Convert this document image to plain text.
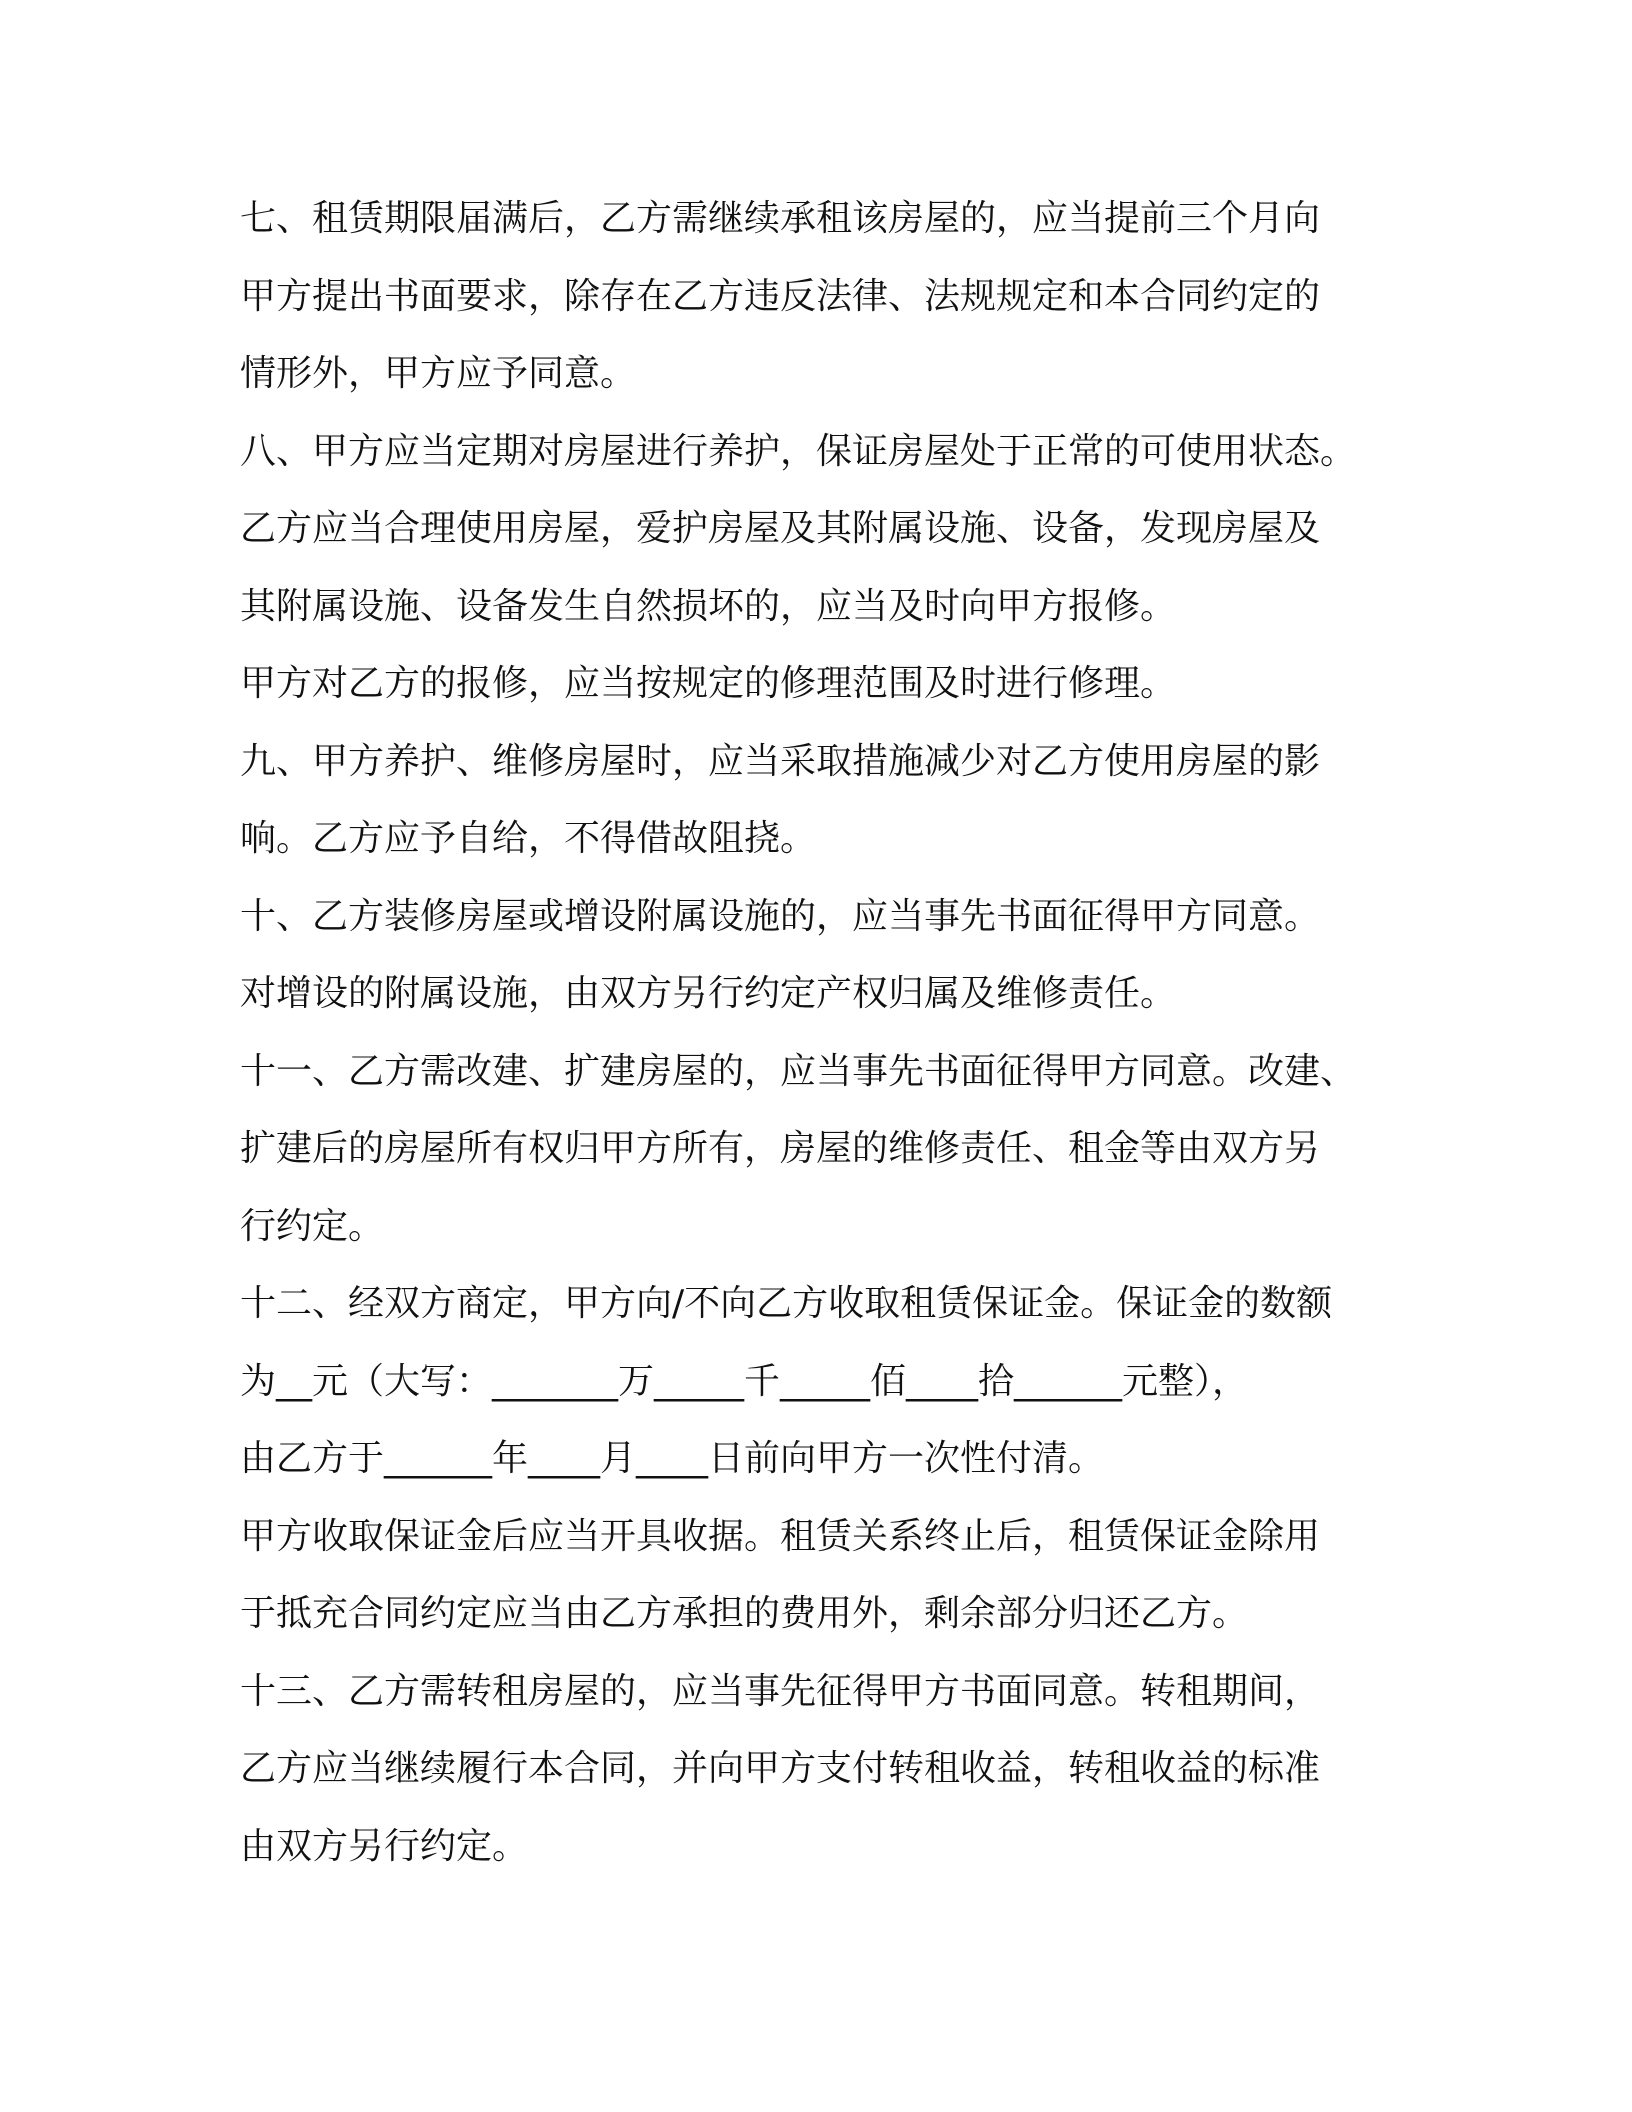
七、租赁期限届满后，乙方需继续承租该房屋的，应当提前三个月向
甲方提出书面要求，除存在乙方违反法律、法规规定和本合同约定的
情形外，甲方应予同意。
八、甲方应当定期对房屋进行养护，保证房屋处于正常的可使用状态。
乙方应当合理使用房屋，爱护房屋及其附属设施、设备，发现房屋及
其附属设施、设备发生自然损坏的，应当及时向甲方报修。
甲方对乙方的报修，应当按规定的修理范围及时进行修理。
九、甲方养护、维修房屋时，应当采取措施减少对乙方使用房屋的影
响。乙方应予自给，不得借故阻挠。
十、乙方装修房屋或增设附属设施的，应当事先书面征得甲方同意。
对增设的附属设施，由双方另行约定产权归属及维修责任。
十一、乙方需改建、扩建房屋的，应当事先书面征得甲方同意。改建、
扩建后的房屋所有权归甲方所有，房屋的维修责任、租金等由双方另
行约定。
十二、经双方商定，甲方向/不向乙方收取租赁保证金。保证金的数额
为__元（大写：_______万_____千_____佰____拾______元整），
由乙方于______年____月____日前向甲方一次性付清。
甲方收取保证金后应当开具收据。租赁关系终止后，租赁保证金除用
于抵充合同约定应当由乙方承担的费用外，剩余部分归还乙方。
十三、乙方需转租房屋的，应当事先征得甲方书面同意。转租期间，
乙方应当继续履行本合同，并向甲方支付转租收益，转租收益的标准
由双方另行约定。
